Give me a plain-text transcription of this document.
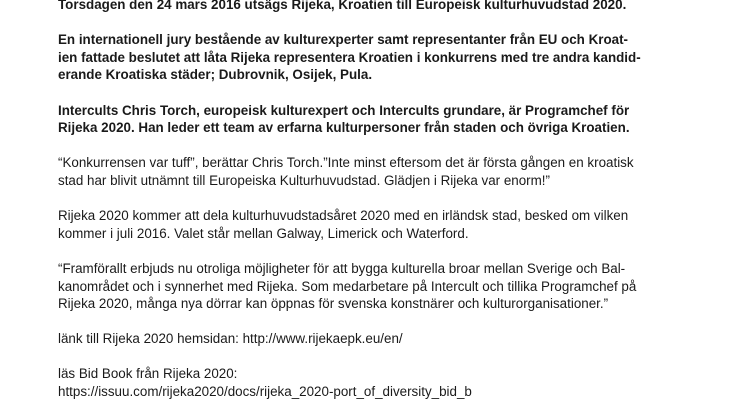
Torsdagen den 24 mars 2016 utsägs Rijeka, Kroatien till Europeisk kulturhuvudstad 2020.
En internationell jury bestående av kulturexperter samt representanter från EU och Kroat-
ien fattade beslutet att låta Rijeka representera Kroatien i konkurrens med tre andra kandid-
erande Kroatiska städer; Dubrovnik, Osijek, Pula.
Intercults Chris Torch, europeisk kulturexpert och Intercults grundare, är Programchef för
Rijeka 2020. Han leder ett team av erfarna kulturpersoner från staden och övriga Kroatien.
“Konkurrensen var tuff”, berättar Chris Torch.”Inte minst eftersom det är första gången en kroatisk
stad har blivit utnämnt till Europeiska Kulturhuvudstad. Glädjen i Rijeka var enorm!”
Rijeka 2020 kommer att dela kulturhuvudstadsåret 2020 med en irländsk stad, besked om vilken
kommer i juli 2016. Valet står mellan Galway, Limerick och Waterford.
“Framförallt erbjuds nu otroliga möjligheter för att bygga kulturella broar mellan Sverige och Bal-
kanområdet och i synnerhet med Rijeka. Som medarbetare på Intercult och tillika Programchef på
Rijeka 2020, många nya dörrar kan öppnas för svenska konstnärer och kulturorganisationer.”
länk till Rijeka 2020 hemsidan: http://www.rijekaepk.eu/en/
läs Bid Book från Rijeka 2020:
https://issuu.com/rijeka2020/docs/rijeka_2020-port_of_diversity_bid_b
